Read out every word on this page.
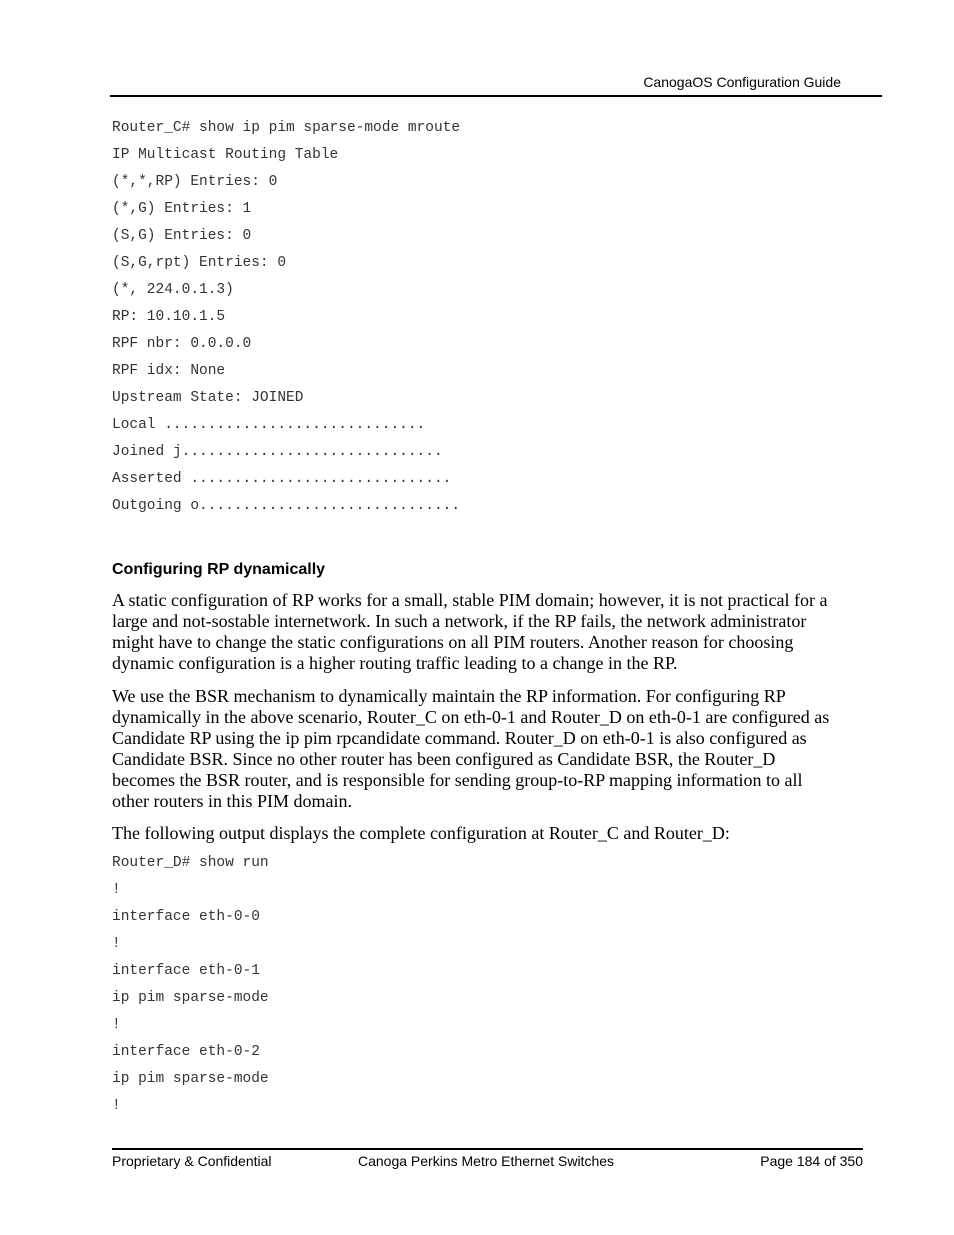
CanogaOS Configuration Guide
Router_C# show ip pim sparse-mode mroute
IP Multicast Routing Table
(*,*,RP) Entries: 0
(*,G) Entries: 1
(S,G) Entries: 0
(S,G,rpt) Entries: 0
(*, 224.0.1.3)
RP: 10.10.1.5
RPF nbr: 0.0.0.0
RPF idx: None
Upstream State: JOINED
Local ..............................
Joined j..............................
Asserted ..............................
Outgoing o..............................
Configuring RP dynamically

A static configuration of RP works for a small, stable PIM domain; however, it is not practical for a large and not-sostable internetwork. In such a network, if the RP fails, the network administrator might have to change the static configurations on all PIM routers. Another reason for choosing dynamic configuration is a higher routing traffic leading to a change in the RP.

We use the BSR mechanism to dynamically maintain the RP information. For configuring RP dynamically in the above scenario, Router_C on eth-0-1 and Router_D on eth-0-1 are configured as Candidate RP using the ip pim rpcandidate command. Router_D on eth-0-1 is also configured as Candidate BSR. Since no other router has been configured as Candidate BSR, the Router_D becomes the BSR router, and is responsible for sending group-to-RP mapping information to all other routers in this PIM domain.

The following output displays the complete configuration at Router_C and Router_D:

Router_D# show run
!
interface eth-0-0
!
interface eth-0-1
ip pim sparse-mode
!
interface eth-0-2
ip pim sparse-mode
!
Proprietary & Confidential	Canoga Perkins Metro Ethernet Switches	Page 184 of 350
